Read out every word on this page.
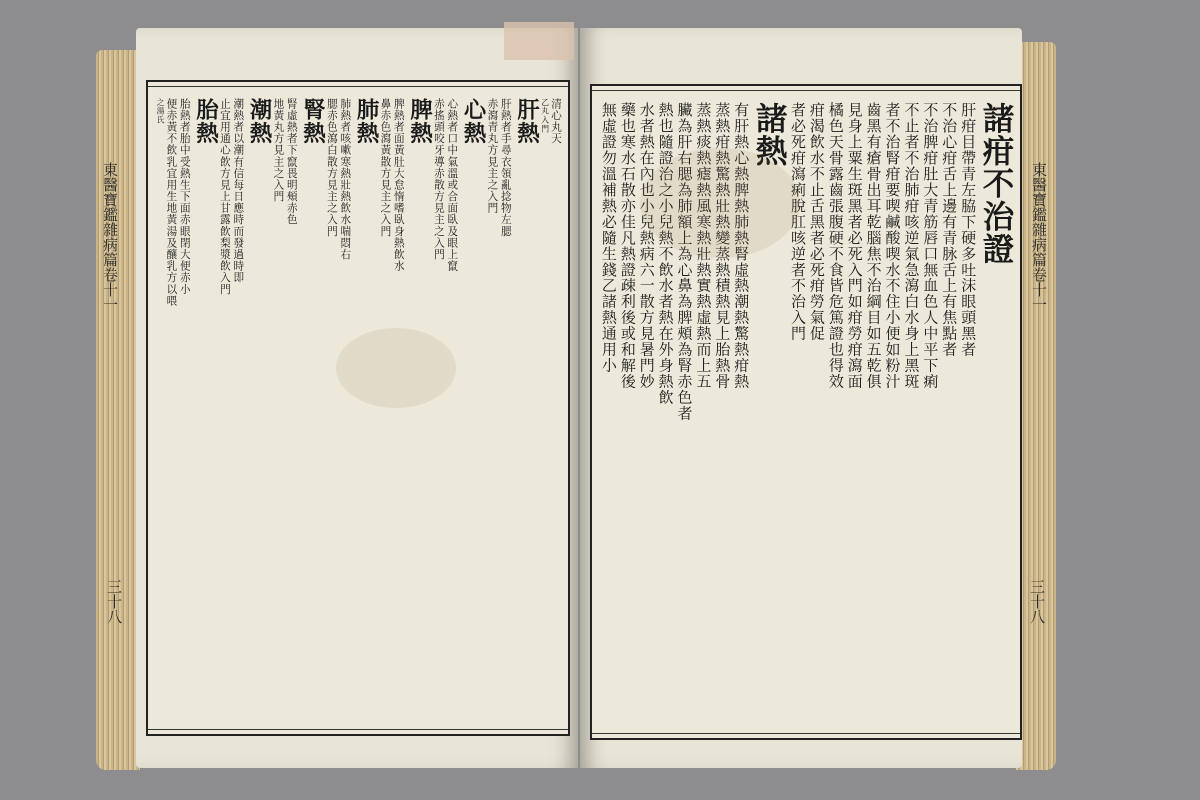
清心丸天
乙丸入門
肝熱
肝熱者手尋衣領亂捻物左腮
赤瀉青丸方見主之入門
心熱
心熱者口中氣溫或合面臥及眼上竄
赤搖頭咬牙導赤散方見主之入門
脾熱
脾熱者面黃肚大怠惰嗜臥身熱飲水
鼻赤色瀉黃散方見主之入門
肺熱
肺熱者咳嗽寒熱壯熱飲水喘悶右
腮赤色瀉白散方見主之入門
腎熱
腎虛熱者下竄畏明頰赤色
地黃丸方見主之入門
潮熱
潮熱者以潮有信每日應時而發過時即
止宜用通心飲方見上甘露飲梨漿飲入門
胎熱
胎熱者胎中受熱生下面赤眼閉大便赤小
便赤黃不飲乳宜用生地黃湯及釀乳方以喂
之湯氏	諸疳不治證
肝疳目帶青左脇下硬多吐沫眼頭黑者
不治心疳舌上邊有青脉舌上有焦點者
不治脾疳肚大青筋唇口無血色人中平下痢
不止者不治肺疳咳逆氣急瀉白水身上黑斑
者不治腎疳要喫鹹酸喫水不住小便如粉汁
齒黑有瘡骨出耳乾腦焦不治綱目如五乾俱
見身上粟生斑黑者必死入門如疳勞疳瀉面
橘色天骨露齒張腹硬不食皆危篤證也得效
疳渴飲水不止舌黑者必死疳勞氣促
者必死疳瀉痢脫肛咳逆者不治入門
諸熱
有肝熱心熱脾熱肺熱腎虛熱潮熱驚熱疳熱
蒸熱疳熱驚熱壯熱變蒸熱積熱見上胎熱骨
蒸熱痰熱瘧熱風寒熱壯熱實熱虛熱而上五
臟為肝右腮為肺額上為心鼻為脾頰為腎赤色者
熱也隨證治之小兒熱不飲水者熱在外身熱飲
水者熱在內也小兒熱病六一散方見暑門妙
藥也寒水石散亦佳凡熱證疎利後或和解後
無虛證勿溫補熱必隨生錢乙諸熱通用小
東醫寶鑑雜病篇卷十一
三十八
東醫寶鑑雜病篇卷十一
三十八
